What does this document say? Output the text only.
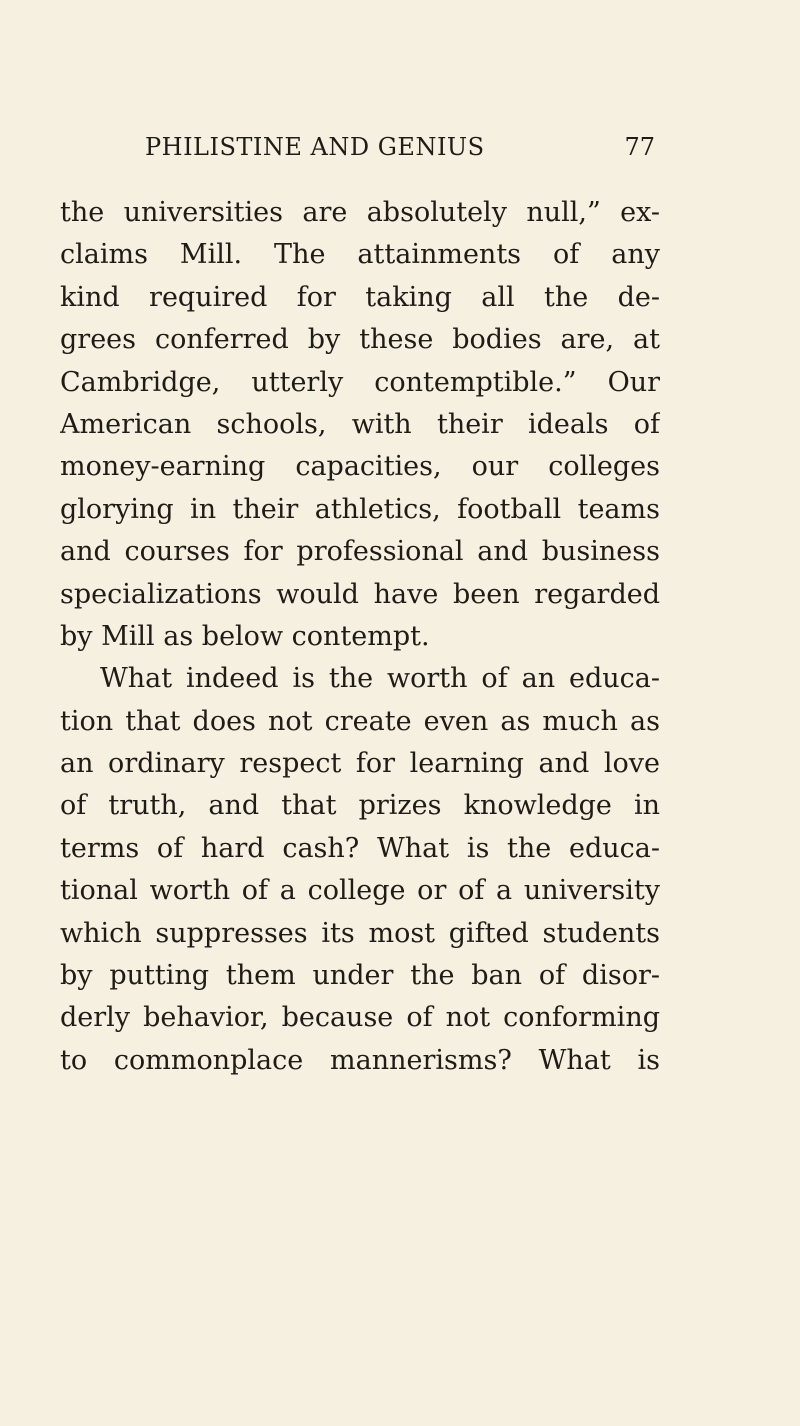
PHILISTINE AND GENIUS	77
the universities are absolutely null,” ex-
claims Mill. The attainments of any
kind required for taking all the de-
grees conferred by these bodies are, at
Cambridge, utterly contemptible.” Our
American schools, with their ideals of
money-earning capacities, our colleges
glorying in their athletics, football teams
and courses for professional and business
specializations would have been regarded
by Mill as below contempt.
What indeed is the worth of an educa-
tion that does not create even as much as
an ordinary respect for learning and love
of truth, and that prizes knowledge in
terms of hard cash? What is the educa-
tional worth of a college or of a university
which suppresses its most gifted students
by putting them under the ban of disor-
derly behavior, because of not conforming
to commonplace mannerisms? What is
